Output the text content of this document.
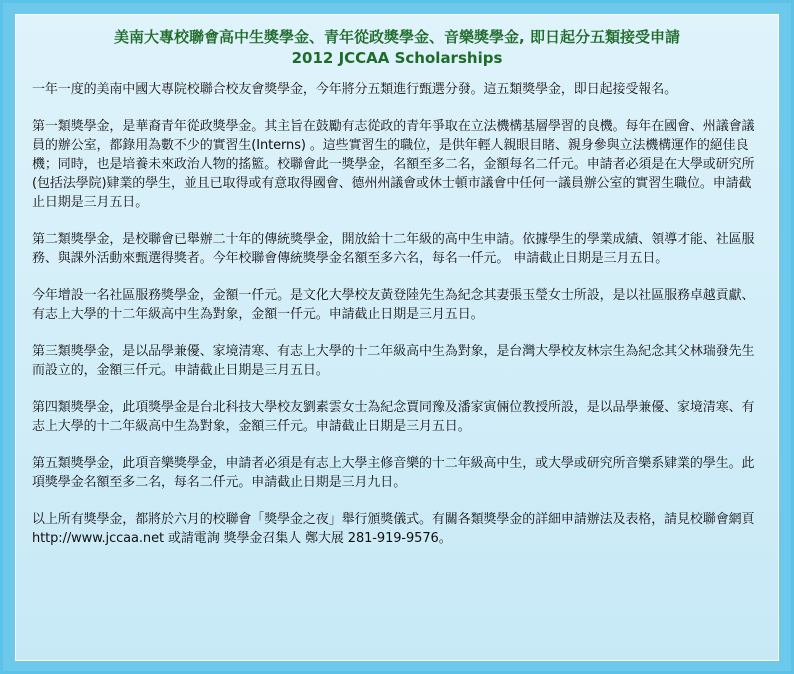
美南大專校聯會高中生獎學金、青年從政獎學金、音樂獎學金, 即日起分五類接受申請
2012 JCCAA Scholarships

一年一度的美南中國大專院校聯合校友會獎學金，今年將分五類進行甄選分發。這五類獎學金，即日起接受報名。

第一類獎學金，是華裔青年從政獎學金。其主旨在鼓勵有志從政的青年爭取在立法機構基層學習的良機。每年在國會、州議會議員的辦公室，都錄用為數不少的實習生(Interns) 。這些實習生的職位，是供年輕人親眼目睹、親身參與立法機構運作的絕佳良機；同時，也是培養未來政治人物的搖籃。校聯會此一獎學金，名額至多二名，金額每名二仟元。申請者必須是在大學或研究所(包括法學院)肄業的學生，並且已取得或有意取得國會、德州州議會或休士頓市議會中任何一議員辦公室的實習生職位。申請截止日期是三月五日。

第二類獎學金，是校聯會已舉辦二十年的傳統獎學金，開放給十二年級的高中生申請。依據學生的學業成績、領導才能、社區服務、與課外活動來甄選得獎者。今年校聯會傳統獎學金名額至多六名，每名一仟元。 申請截止日期是三月五日。

今年增設一名社區服務獎學金，金額一仟元。是文化大學校友黃登陸先生為紀念其妻張玉瑩女士所設，是以社區服務卓越貢獻、有志上大學的十二年級高中生為對象，金額一仟元。申請截止日期是三月五日。

第三類獎學金，是以品學兼優、家境清寒、有志上大學的十二年級高中生為對象，是台灣大學校友林宗生為紀念其父林瑞發先生而設立的，金額三仟元。申請截止日期是三月五日。

第四類獎學金，此項獎學金是台北科技大學校友劉素雲女士為紀念賈同豫及潘家寅倆位教授所設，是以品學兼優、家境清寒、有志上大學的十二年級高中生為對象，金額三仟元。申請截止日期是三月五日。

第五類獎學金，此項音樂獎學金，申請者必須是有志上大學主修音樂的十二年級高中生，或大學或研究所音樂系肄業的學生。此項獎學金名額至多二名，每名二仟元。申請截止日期是三月九日。

以上所有獎學金，都將於六月的校聯會「獎學金之夜」舉行頒獎儀式。有關各類獎學金的詳細申請辦法及表格，請見校聯會網頁 http://www.jccaa.net 或請電詢 獎學金召集人 鄭大展 281-919-9576。
